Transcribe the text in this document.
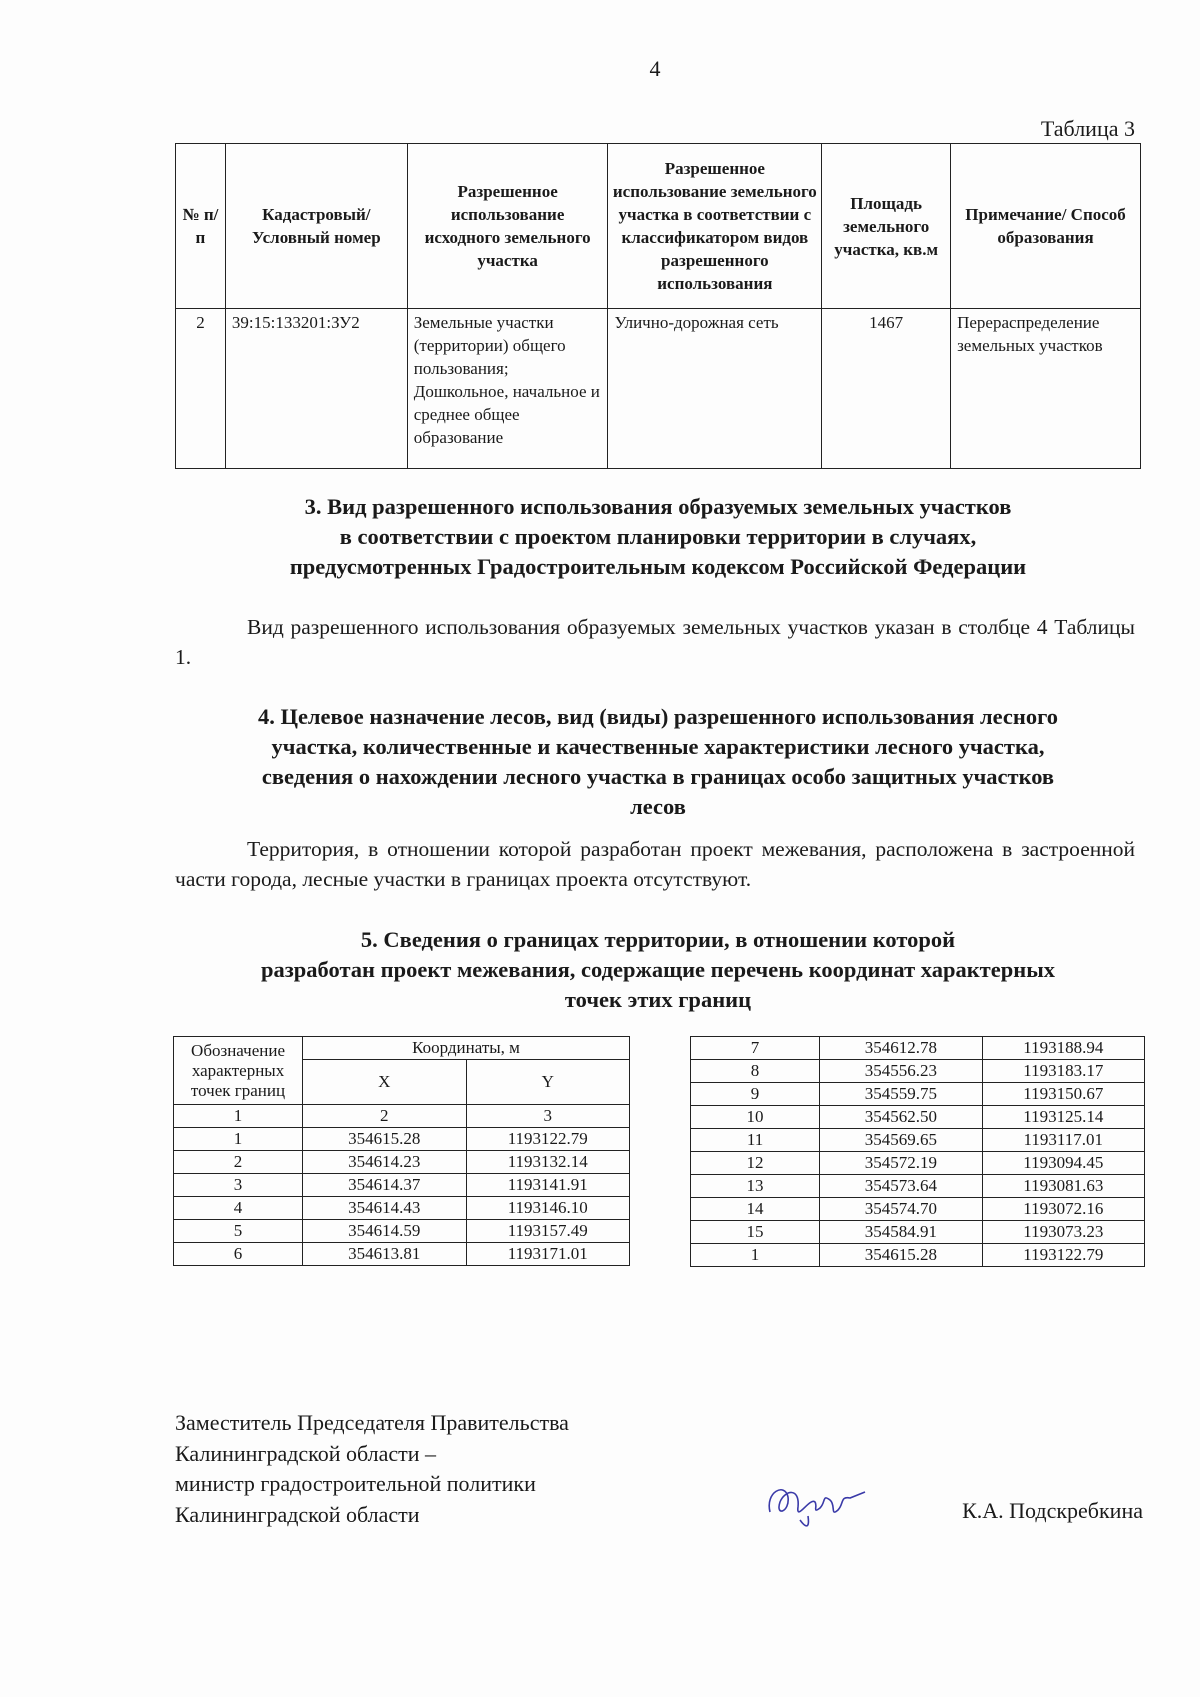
4
Таблица 3
№ п/п	Кадастровый/ Условный номер	Разрешенное использование исходного земельного участка	Разрешенное использование земельного участка в соответствии с классификатором видов разрешенного использования	Площадь земельного участка, кв.м	Примечание/ Способ образования
2	39:15:133201:ЗУ2	Земельные участки (территории) общего пользования; Дошкольное, начальное и среднее общее образование	Улично-дорожная сеть	1467	Перераспределение земельных участков
3. Вид разрешенного использования образуемых земельных участков
в соответствии с проектом планировки территории в случаях,
предусмотренных Градостроительным кодексом Российской Федерации
Вид разрешенного использования образуемых земельных участков указан в столбце 4 Таблицы 1.
4. Целевое назначение лесов, вид (виды) разрешенного использования лесного
участка, количественные и качественные характеристики лесного участка,
сведения о нахождении лесного участка в границах особо защитных участков
лесов
Территория, в отношении которой разработан проект межевания, расположена в застроенной части города, лесные участки в границах проекта отсутствуют.
5. Сведения о границах территории, в отношении которой
разработан проект межевания, содержащие перечень координат характерных
точек этих границ
Обозначение характерных точек границ	Координаты, м	
	X	Y
1	2	3
1	354615.28	1193122.79
2	354614.23	1193132.14
3	354614.37	1193141.91
4	354614.43	1193146.10
5	354614.59	1193157.49
6	354613.81	1193171.01
7	354612.78	1193188.94
8	354556.23	1193183.17
9	354559.75	1193150.67
10	354562.50	1193125.14
11	354569.65	1193117.01
12	354572.19	1193094.45
13	354573.64	1193081.63
14	354574.70	1193072.16
15	354584.91	1193073.23
1	354615.28	1193122.79
Заместитель Председателя Правительства
Калининградской области –
министр градостроительной политики
Калининградской области	К.А. Подскребкина
